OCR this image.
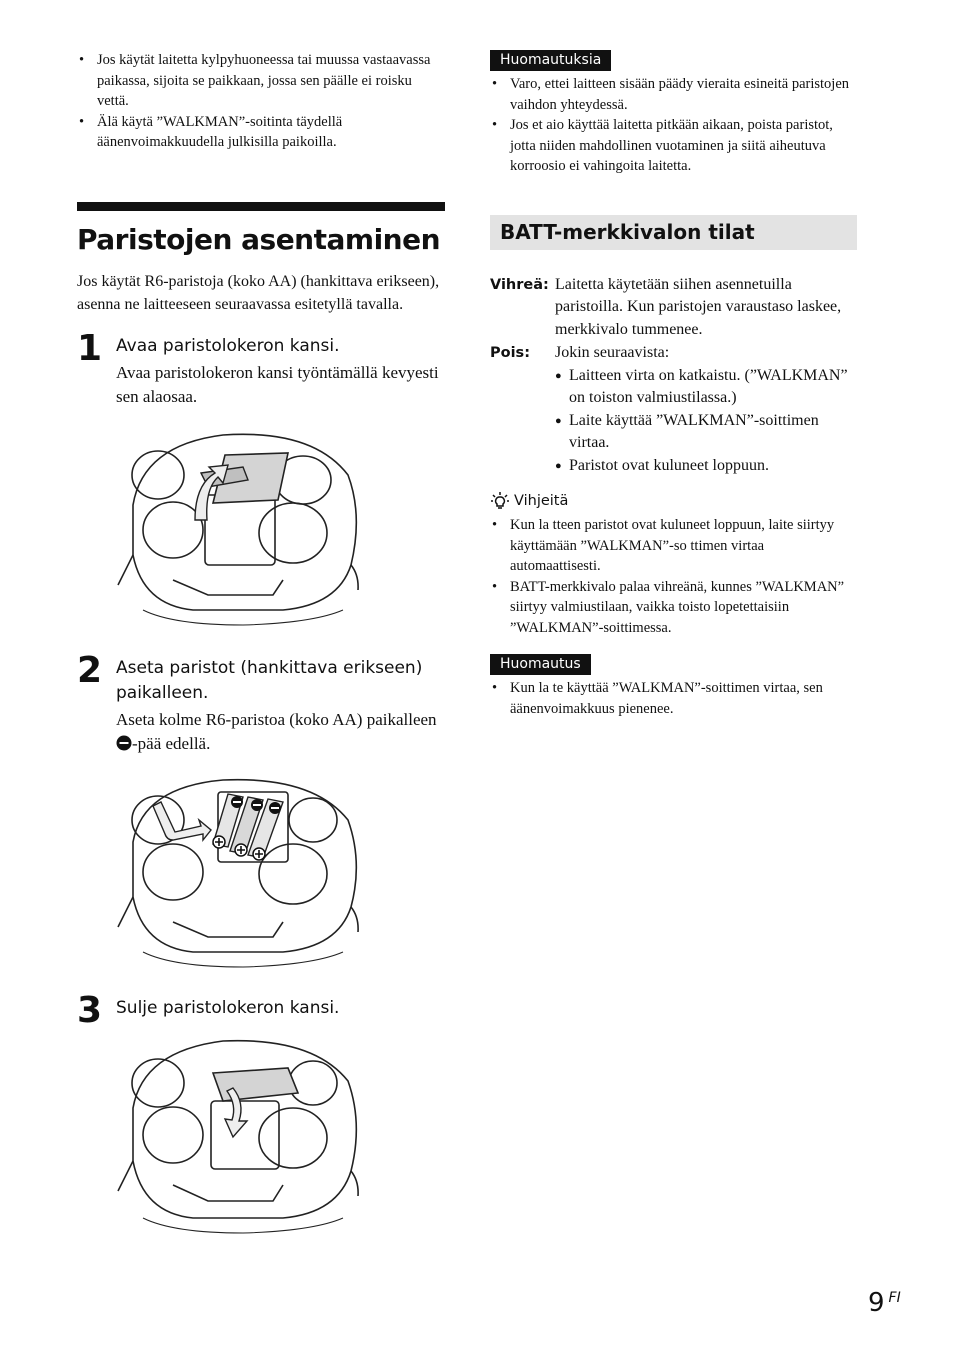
• Jos käytät laitetta kylpyhuoneessa tai muussa vastaavassa paikassa, sijoita se paikkaan, jossa sen päälle ei roisku vettä.
• Älä käytä ”WALKMAN”-soitinta täydellä äänenvoimakkuudella julkisilla paikoilla.
Paristojen asentaminen

Jos käytät R6-paristoja (koko AA) (hankittava erikseen), asenna ne laitteeseen seuraavassa esitetyllä tavalla.

1 Avaa paristolokeron kansi.
Avaa paristolokeron kansi työntämällä kevyesti sen alaosaa.
2 Aseta paristot (hankittava erikseen) paikalleen.
Aseta kolme R6-paristoa (koko AA) paikalleen -pää edellä.
3 Sulje paristolokeron kansi.
Huomautuksia
• Varo, ettei laitteen sisään päädy vieraita esineitä paristojen vaihdon yhteydessä.
• Jos et aio käyttää laitetta pitkään aikaan, poista paristot, jotta niiden mahdollinen vuotaminen ja siitä aiheutuva korroosio ei vahingoita laitetta.
BATT-merkkivalon tilat
Vihreä: Laitetta käytetään siihen asennetuilla paristoilla. Kun paristojen varaustaso laskee, merkkivalo tummenee.
Pois:	Jokin seuraavista:
● Laitteen virta on katkaistu. (”WALKMAN” on toiston valmiustilassa.)
● Laite käyttää ”WALKMAN”-soittimen virtaa.
● Paristot ovat kuluneet loppuun.
Vihjeitä
• Kun la tteen paristot ovat kuluneet loppuun, laite siirtyy käyttämään ”WALKMAN”-so ttimen virtaa automaattisesti.
• BATT-merkkivalo palaa vihreänä, kunnes ”WALKMAN” siirtyy valmiustilaan, vaikka toisto lopetettaisiin ”WALKMAN”-soittimessa.
Huomautus
• Kun la te käyttää ”WALKMAN”-soittimen virtaa, sen äänenvoimakkuus pienenee.
9 $^{FI}$
